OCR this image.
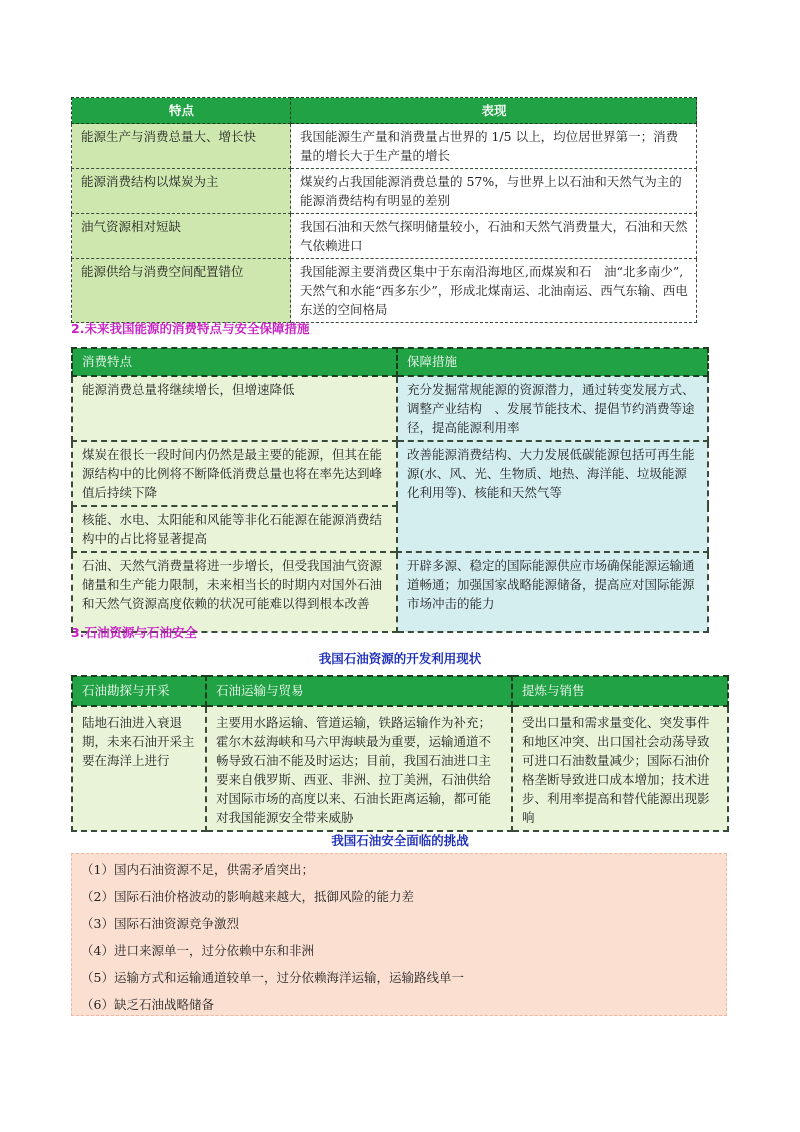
特点	表现
能源生产与消费总量大、增长快	我国能源生产量和消费量占世界的 1/5 以上，均位居世界第一；消费量的增长大于生产量的增长
能源消费结构以煤炭为主	煤炭约占我国能源消费总量的 57%，与世界上以石油和天然气为主的能源消费结构有明显的差别
油气资源相对短缺	我国石油和天然气探明储量较小，石油和天然气消费量大，石油和天然气依赖进口
能源供给与消费空间配置错位	我国能源主要消费区集中于东南沿海地区,而煤炭和石　油“北多南少”,天然气和水能“西多东少”，形成北煤南运、北油南运、西气东输、西电东送的空间格局
2.未来我国能源的消费特点与安全保障措施
消费特点	保障措施
能源消费总量将继续增长，但增速降低	充分发掘常规能源的资源潜力，通过转变发展方式、调整产业结构　、发展节能技术、提倡节约消费等途径，提高能源利用率
煤炭在很长一段时间内仍然是最主要的能源，但其在能源结构中的比例将不断降低消费总量也将在率先达到峰值后持续下降	改善能源消费结构、大力发展低碳能源包括可再生能源(水、风、光、生物质、地热、海洋能、垃圾能源化利用等)、核能和天然气等
核能、水电、太阳能和风能等非化石能源在能源消费结构中的占比将显著提高	
石油、天然气消费量将进一步增长，但受我国油气资源储量和生产能力限制，未来相当长的时期内对国外石油和天然气资源高度依赖的状况可能难以得到根本改善	开辟多源、稳定的国际能源供应市场确保能源运输通道畅通；加强国家战略能源储备，提高应对国际能源市场冲击的能力
3.石油资源与石油安全
我国石油资源的开发利用现状
石油勘探与开采	石油运输与贸易	提炼与销售
陆地石油进入衰退期，未来石油开采主要在海洋上进行	主要用水路运输、管道运输，铁路运输作为补充；霍尔木兹海峡和马六甲海峡最为重要，运输通道不畅导致石油不能及时运达；目前，我国石油进口主要来自俄罗斯、西亚、非洲、拉丁美洲，石油供给对国际市场的高度以来、石油长距离运输，都可能对我国能源安全带来威胁	受出口量和需求量变化、突发事件和地区冲突、出口国社会动荡导致可进口石油数量减少；国际石油价格垄断导致进口成本增加；技术进步、利用率提高和替代能源出现影响
我国石油安全面临的挑战
（1）国内石油资源不足，供需矛盾突出；
（2）国际石油价格波动的影响越来越大，抵御风险的能力差
（3）国际石油资源竞争激烈
（4）进口来源单一，过分依赖中东和非洲
（5）运输方式和运输通道较单一，过分依赖海洋运输，运输路线单一
（6）缺乏石油战略储备
